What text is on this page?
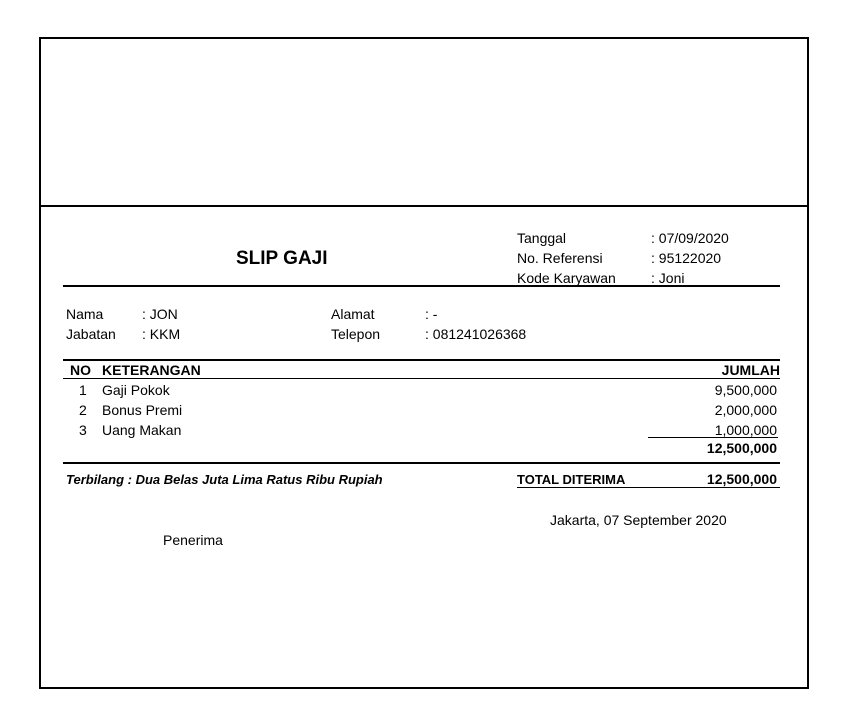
SLIP GAJI
Tanggal	: 07/09/2020
No. Referensi	: 95122020
Kode Karyawan	: Joni
Nama	: JON
Jabatan : KKM
Alamat	: -
Telepon	: 081241026368
NO KETERANGAN	JUMLAH
1 Gaji Pokok	9,500,000
2 Bonus Premi	2,000,000
3 Uang Makan	1,000,000
12,500,000
Terbilang : Dua Belas Juta Lima Ratus Ribu Rupiah	TOTAL DITERIMA	12,500,000
Jakarta, 07 September 2020
Penerima
